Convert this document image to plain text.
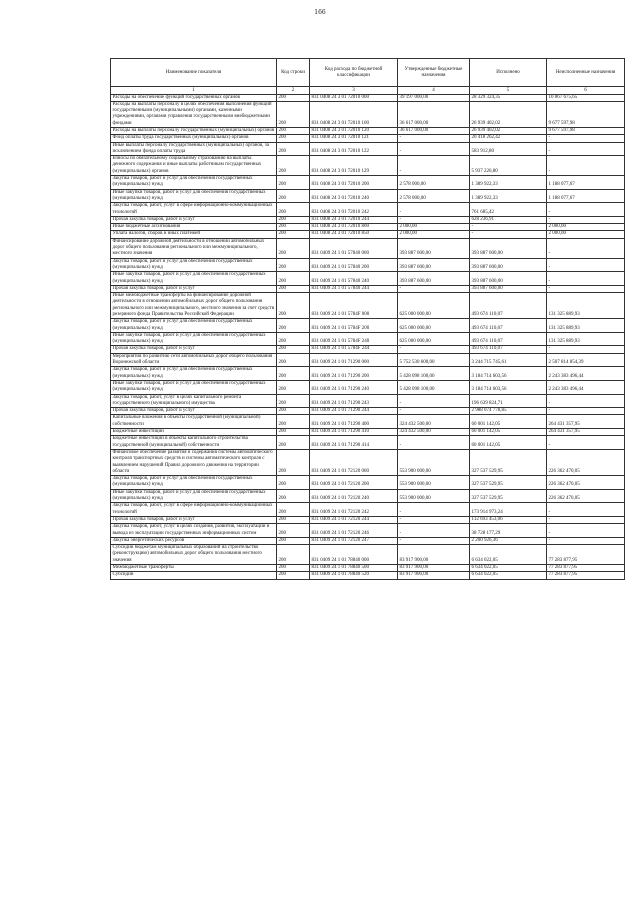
166
Наименование показателя	Код строки	Код расхода по бюджетной классификации	Утвержденные бюджетные назначения	Исполнено	Неисполненные назначения
1	2	3	4	5	6
Расходы на обеспечение функций государственных органов	200	831 0408 24 3 01 72010 000	39 197 000,00	28 329 324,35	10 867 675,65
Расходы на выплаты персоналу в целях обеспечения выполнения функций государственными (муниципальными) органами, казенными учреждениями, органами управления государственными внебюджетными фондами	200	831 0408 24 3 01 72010 100	36 617 000,00	26 939 402,02	9 677 597,98
Расходы на выплаты персоналу государственных (муниципальных) органов	200	831 0408 24 3 01 72010 120	36 617 000,00	26 939 402,02	9 677 597,98
Фонд оплаты труда государственных (муниципальных) органов	200	831 0408 24 3 01 72010 121	-	20 418 262,42	-
Иные выплаты персоналу государственных (муниципальных) органов, за исключением фонда оплаты труда	200	831 0408 24 3 01 72010 122	-	583 912,80	-
Взносы по обязательному социальному страхованию на выплаты денежного содержания и иные выплаты работникам государственных (муниципальных) органов	200	831 0408 24 3 01 72010 129	-	5 937 226,80	-
Закупка товаров, работ и услуг для обеспечения государственных (муниципальных) нужд	200	831 0408 24 3 01 72010 200	2 578 000,00	1 389 922,33	1 188 077,67
Иные закупки товаров, работ и услуг для обеспечения государственных (муниципальных) нужд	200	831 0408 24 3 01 72010 240	2 578 000,00	1 389 922,33	1 188 077,67
Закупка товаров, работ, услуг в сфере информационно-коммуникационных технологий	200	831 0408 24 3 01 72010 242	-	761 685,42	-
Прочая закупка товаров, работ и услуг	200	831 0408 24 3 01 72010 244	-	628 236,91	-
Иные бюджетные ассигнования	200	831 0408 24 3 01 72010 800	2 000,00	-	2 000,00
Уплата налогов, сборов и иных платежей	200	831 0408 24 3 01 72010 850	2 000,00	-	2 000,00
Финансирование дорожной деятельности в отношении автомобильных дорог общего пользования регионального или межмуниципального, местного значения	200	831 0409 24 1 01 57840 000	393 887 600,00	393 887 600,00	-
Закупка товаров, работ и услуг для обеспечения государственных (муниципальных) нужд	200	831 0409 24 1 01 57840 200	393 887 600,00	393 887 600,00	-
Иные закупки товаров, работ и услуг для обеспечения государственных (муниципальных) нужд	200	831 0409 24 1 01 57840 240	393 887 600,00	393 887 600,00	-
Прочая закупка товаров, работ и услуг	200	831 0409 24 1 01 57840 244	-	393 887 600,00	-
Иные межбюджетные трансферты на финансирование дорожной деятельности в отношении автомобильных дорог общего пользования регионального или межмуниципального, местного значения за счет средств резервного фонда Правительства Российской Федерации	200	831 0409 24 1 01 5784F 000	625 000 000,00	493 674 110,07	131 325 889,93
Закупка товаров, работ и услуг для обеспечения государственных (муниципальных) нужд	200	831 0409 24 1 01 5784F 200	625 000 000,00	493 674 110,07	131 325 889,93
Иные закупки товаров, работ и услуг для обеспечения государственных (муниципальных) нужд	200	831 0409 24 1 01 5784F 240	625 000 000,00	493 674 110,07	131 325 889,93
Прочая закупка товаров, работ и услуг	200	831 0409 24 1 01 5784F 244	-	493 674 110,07	-
Мероприятия по развитию сети автомобильных дорог общего пользования Воронежской области	200	831 0409 24 1 01 71290 000	5 752 530 600,00	3 244 715 745,61	2 507 814 854,39
Закупка товаров, работ и услуг для обеспечения государственных (муниципальных) нужд	200	831 0409 24 1 01 71290 200	5 428 098 100,00	3 184 714 603,56	2 243 383 496,44
Иные закупки товаров, работ и услуг для обеспечения государственных (муниципальных) нужд	200	831 0409 24 1 01 71290 240	5 428 098 100,00	3 184 714 603,56	2 243 383 496,44
Закупка товаров, работ, услуг в целях капитального ремонта государственного (муниципального) имущества	200	831 0409 24 1 01 71290 243	-	196 639 824,71	-
Прочая закупка товаров, работ и услуг	200	831 0409 24 1 01 71290 244	-	2 988 074 778,85	-
Капитальные вложения в объекты государственной (муниципальной) собственности	200	831 0409 24 1 01 71290 400	324 432 500,00	60 001 142,05	264 431 357,95
Бюджетные инвестиции	200	831 0409 24 1 01 71290 410	324 432 500,00	60 001 142,05	264 431 357,95
Бюджетные инвестиции в объекты капитального строительства государственной (муниципальной) собственности	200	831 0409 24 1 01 71290 414	-	60 001 142,05	-
Финансовое обеспечение развития и содержания системы автоматического контроля транспортных средств и системы автоматического контроля с выявлением нарушений Правил дорожного движения на территории области	200	831 0409 24 1 01 72120 000	553 900 000,00	327 537 529,95	226 362 470,05
Закупка товаров, работ и услуг для обеспечения государственных (муниципальных) нужд	200	831 0409 24 1 01 72120 200	553 900 000,00	327 537 529,95	226 362 470,05
Иные закупки товаров, работ и услуг для обеспечения государственных (муниципальных) нужд	200	831 0409 24 1 01 72120 240	553 900 000,00	327 537 529,95	226 362 470,05
Закупка товаров, работ, услуг в сфере информационно-коммуникационных технологий	200	831 0409 24 1 01 72120 242	-	173 914 973,24	-
Прочая закупка товаров, работ и услуг	200	831 0409 24 1 01 72120 244	-	112 693 453,06	-
Закупка товаров, работ, услуг в целях создания, развития, эксплуатации и вывода из эксплуатации государственных информационных систем	200	831 0409 24 1 01 72120 246	-	38 728 177,29	-
Закупка энергетических ресурсов	200	831 0409 24 1 01 72120 247	-	2 200 926,36	-
Субсидии бюджетам муниципальных образований на строительство (реконструкцию) автомобильных дорог общего пользования местного значения	200	831 0409 24 1 01 78840 000	83 917 900,00	6 634 022,05	77 283 877,95
Межбюджетные трансферты	200	831 0409 24 1 01 78840 500	83 917 900,00	6 634 022,05	77 283 877,95
Субсидии	200	831 0409 24 1 01 78840 520	83 917 900,00	6 634 022,05	77 283 877,95
